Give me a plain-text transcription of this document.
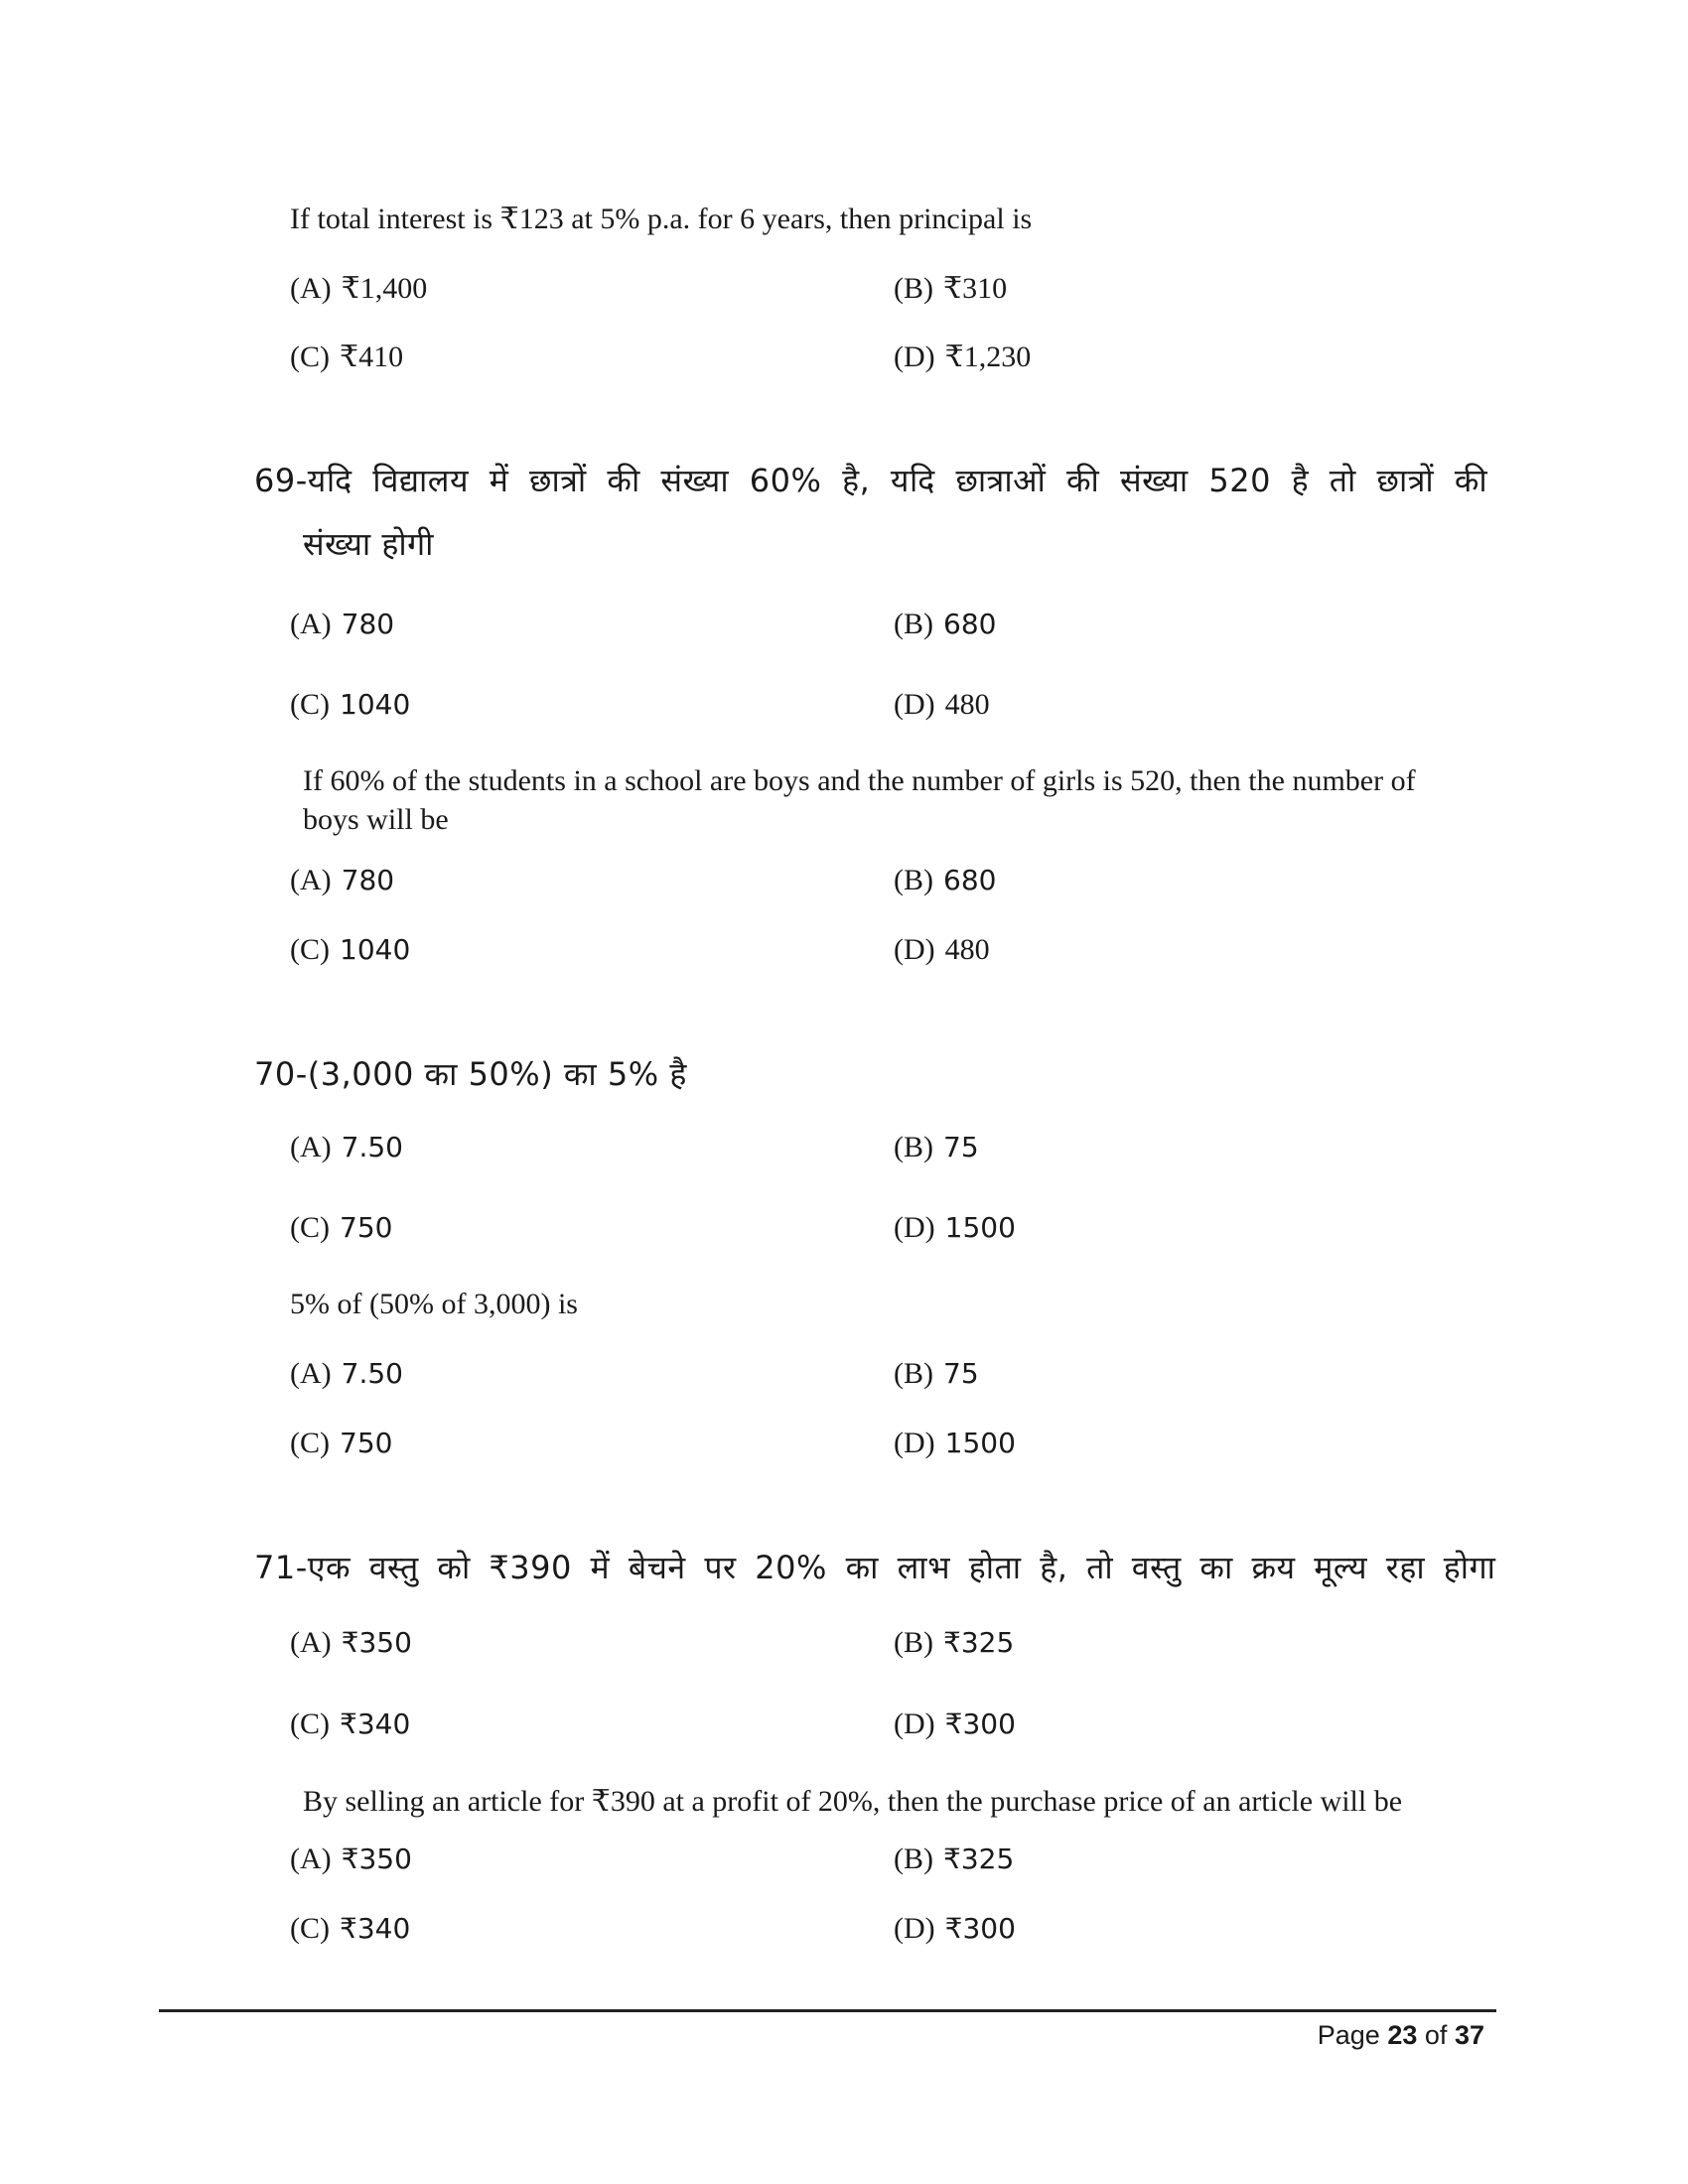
If total interest is ₹123 at 5% p.a. for 6 years, then principal is
(A) ₹1,400	(B) ₹310
(C) ₹410	(D) ₹1,230
69-यदि विद्यालय में छात्रों की संख्या 60% है, यदि छात्राओं की संख्या 520 है तो छात्रों की
संख्या होगी
(A) 780	(B) 680
(C) 1040	(D) 480
If 60% of the students in a school are boys and the number of girls is 520, then the number of
boys will be
(A) 780	(B) 680
(C) 1040	(D) 480
70-(3,000 का 50%) का 5% है
(A) 7.50	(B) 75
(C) 750	(D) 1500
5% of (50% of 3,000) is
(A) 7.50	(B) 75
(C) 750	(D) 1500
71-एक वस्तु को ₹390 में बेचने पर 20% का लाभ होता है, तो वस्तु का क्रय मूल्य रहा होगा
(A) ₹350	(B) ₹325
(C) ₹340	(D) ₹300
By selling an article for ₹390 at a profit of 20%, then the purchase price of an article will be
(A) ₹350	(B) ₹325
(C) ₹340	(D) ₹300
Page 23 of 37
